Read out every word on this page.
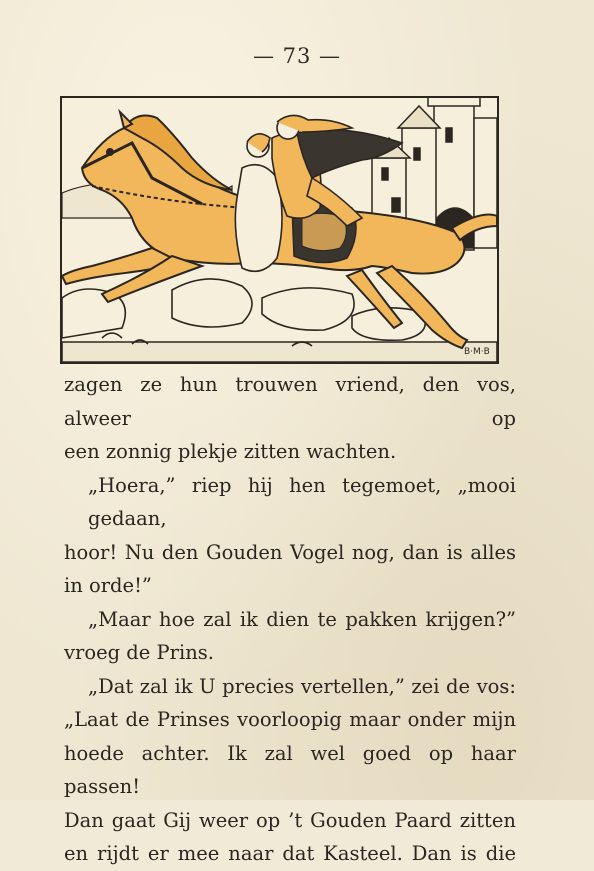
— 73 —
B·M·B
zagen ze hun trouwen vriend, den vos, alweer op
een zonnig plekje zitten wachten.
„Hoera,” riep hij hen tegemoet, „mooi gedaan,
hoor! Nu den Gouden Vogel nog, dan is alles
in orde!”
„Maar hoe zal ik dien te pakken krijgen?”
vroeg de Prins.
„Dat zal ik U precies vertellen,” zei de vos:
„Laat de Prinses voorloopig maar onder mijn
hoede achter. Ik zal wel goed op haar passen!
Dan gaat Gij weer op ’t Gouden Paard zitten
en rijdt er mee naar dat Kasteel. Dan is die
